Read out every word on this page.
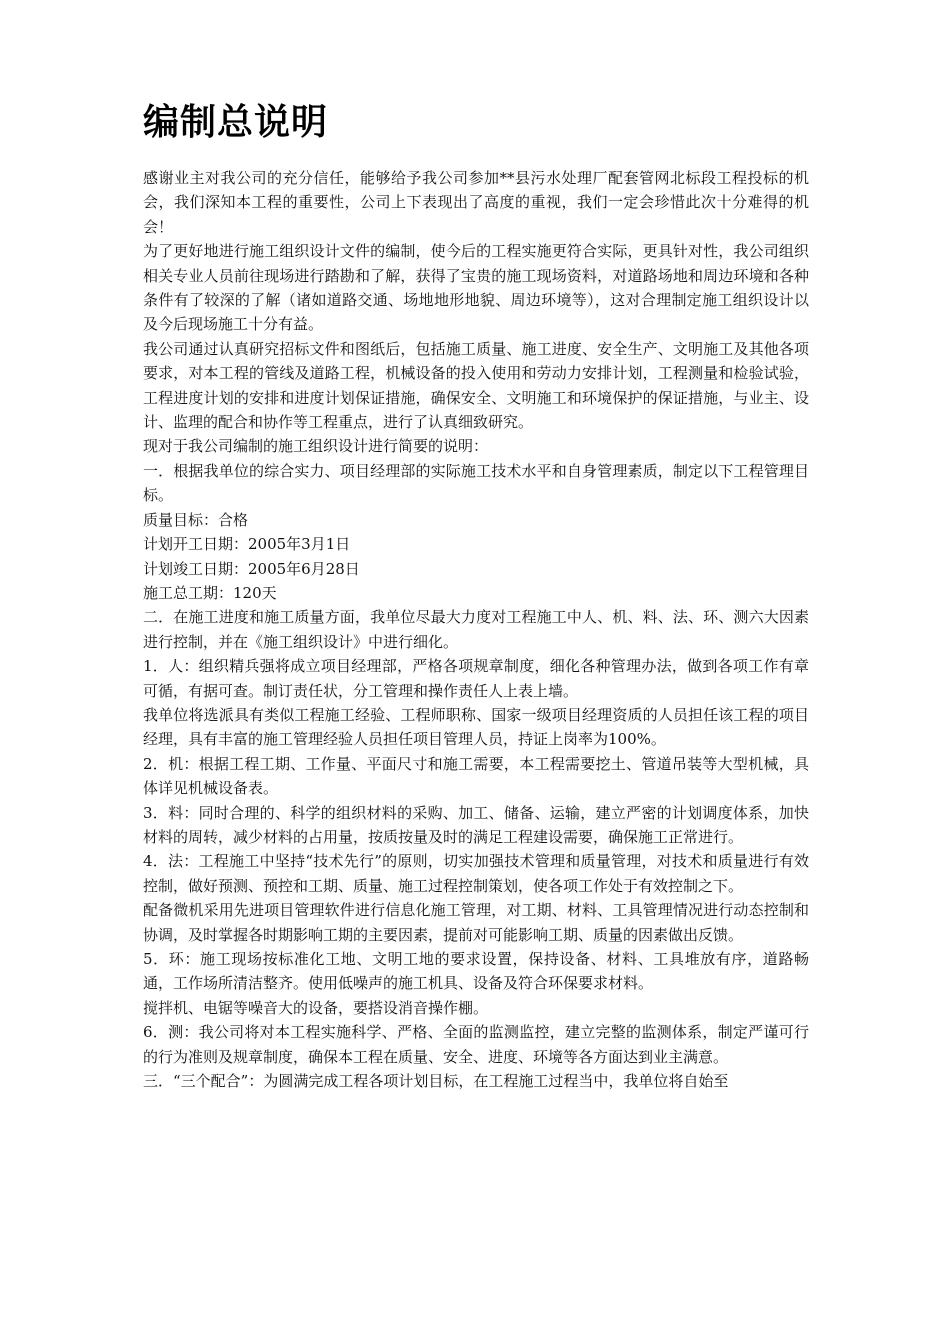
编制总说明

感谢业主对我公司的充分信任，能够给予我公司参加**县污水处理厂配套管网北标段工程投标的机会，我们深知本工程的重要性，公司上下表现出了高度的重视，我们一定会珍惜此次十分难得的机会！

为了更好地进行施工组织设计文件的编制，使今后的工程实施更符合实际，更具针对性，我公司组织相关专业人员前往现场进行踏勘和了解，获得了宝贵的施工现场资料，对道路场地和周边环境和各种条件有了较深的了解（诸如道路交通、场地地形地貌、周边环境等），这对合理制定施工组织设计以及今后现场施工十分有益。

我公司通过认真研究招标文件和图纸后，包括施工质量、施工进度、安全生产、文明施工及其他各项要求，对本工程的管线及道路工程，机械设备的投入使用和劳动力安排计划，工程测量和检验试验，工程进度计划的安排和进度计划保证措施，确保安全、文明施工和环境保护的保证措施，与业主、设计、监理的配合和协作等工程重点，进行了认真细致研究。

现对于我公司编制的施工组织设计进行简要的说明：

一．根据我单位的综合实力、项目经理部的实际施工技术水平和自身管理素质，制定以下工程管理目标。

质量目标：合格

计划开工日期：2005年3月1日

计划竣工日期：2005年6月28日

施工总工期：120天

二．在施工进度和施工质量方面，我单位尽最大力度对工程施工中人、机、料、法、环、测六大因素进行控制，并在《施工组织设计》中进行细化。

1．人：组织精兵强将成立项目经理部，严格各项规章制度，细化各种管理办法，做到各项工作有章可循，有据可查。制订责任状，分工管理和操作责任人上表上墙。

我单位将选派具有类似工程施工经验、工程师职称、国家一级项目经理资质的人员担任该工程的项目经理，具有丰富的施工管理经验人员担任项目管理人员，持证上岗率为100%。

2．机：根据工程工期、工作量、平面尺寸和施工需要，本工程需要挖土、管道吊装等大型机械，具体详见机械设备表。

3．料：同时合理的、科学的组织材料的采购、加工、储备、运输，建立严密的计划调度体系，加快材料的周转，减少材料的占用量，按质按量及时的满足工程建设需要，确保施工正常进行。

4．法：工程施工中坚持“技术先行”的原则，切实加强技术管理和质量管理，对技术和质量进行有效控制，做好预测、预控和工期、质量、施工过程控制策划，使各项工作处于有效控制之下。

配备微机采用先进项目管理软件进行信息化施工管理，对工期、材料、工具管理情况进行动态控制和协调，及时掌握各时期影响工期的主要因素，提前对可能影响工期、质量的因素做出反馈。

5．环：施工现场按标准化工地、文明工地的要求设置，保持设备、材料、工具堆放有序，道路畅通，工作场所清洁整齐。使用低噪声的施工机具、设备及符合环保要求材料。

搅拌机、电锯等噪音大的设备，要搭设消音操作棚。

6．测：我公司将对本工程实施科学、严格、全面的监测监控，建立完整的监测体系，制定严谨可行的行为准则及规章制度，确保本工程在质量、安全、进度、环境等各方面达到业主满意。

三．“三个配合”：为圆满完成工程各项计划目标，在工程施工过程当中，我单位将自始至
